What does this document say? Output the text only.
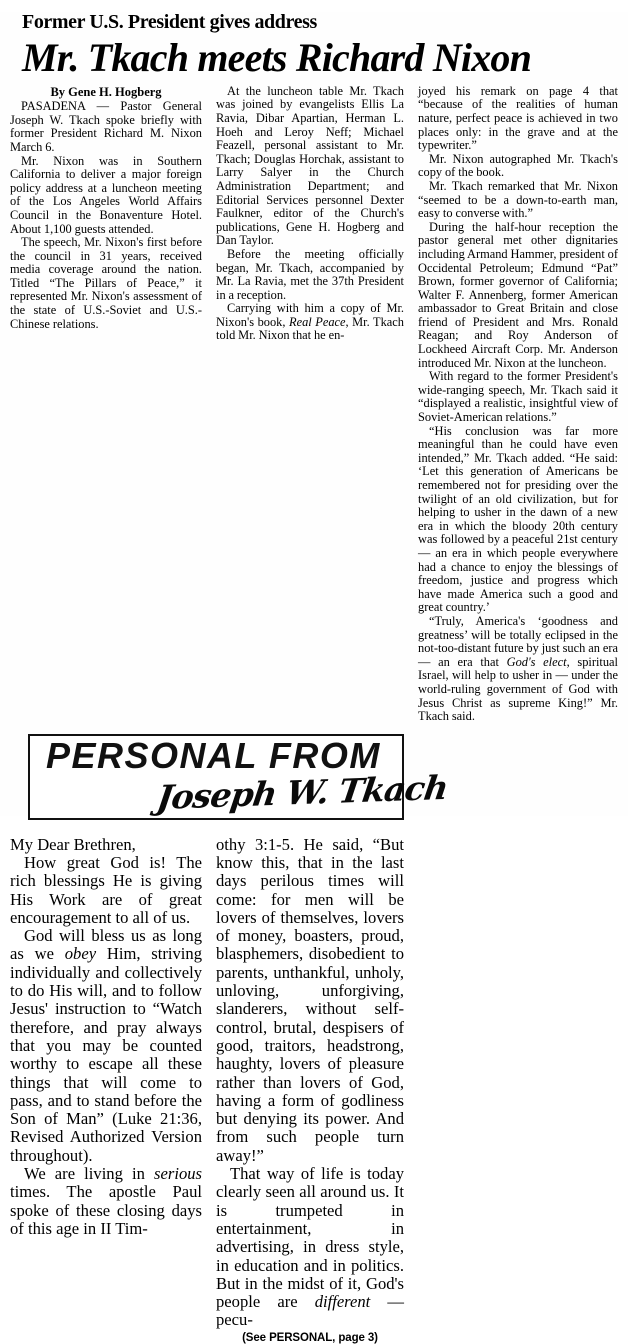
Former U.S. President gives address
Mr. Tkach meets Richard Nixon
By Gene H. Hogberg

PASADENA — Pastor General Joseph W. Tkach spoke briefly with former President Richard M. Nixon March 6.

Mr. Nixon was in Southern California to deliver a major foreign policy address at a luncheon meeting of the Los Angeles World Affairs Council in the Bonaventure Hotel. About 1,100 guests attended.

The speech, Mr. Nixon's first before the council in 31 years, received media coverage around the nation. Titled “The Pillars of Peace,” it represented Mr. Nixon's assessment of the state of U.S.-Soviet and U.S.-Chinese relations.

At the luncheon table Mr. Tkach was joined by evangelists Ellis La Ravia, Dibar Apartian, Herman L. Hoeh and Leroy Neff; Michael Feazell, personal assistant to Mr. Tkach; Douglas Horchak, assistant to Larry Salyer in the Church Administration Department; and Editorial Services personnel Dexter Faulkner, editor of the Church's publications, Gene H. Hogberg and Dan Taylor.

Before the meeting officially began, Mr. Tkach, accompanied by Mr. La Ravia, met the 37th President in a reception.

Carrying with him a copy of Mr. Nixon's book, Real Peace, Mr. Tkach told Mr. Nixon that he en-

joyed his remark on page 4 that “because of the realities of human nature, perfect peace is achieved in two places only: in the grave and at the typewriter.”

Mr. Nixon autographed Mr. Tkach's copy of the book.

Mr. Tkach remarked that Mr. Nixon “seemed to be a down-to-earth man, easy to converse with.”

During the half-hour reception the pastor general met other dignitaries including Armand Hammer, president of Occidental Petroleum; Edmund “Pat” Brown, former governor of California; Walter F. Annenberg, former American ambassador to Great Britain and close friend of President and Mrs. Ronald Reagan; and Roy Anderson of Lockheed Aircraft Corp. Mr. Anderson introduced Mr. Nixon at the luncheon.

With regard to the former President's wide-ranging speech, Mr. Tkach said it “displayed a realistic, insightful view of Soviet-American relations.”

“His conclusion was far more meaningful than he could have even intended,” Mr. Tkach added. “He said: ‘Let this generation of Americans be remembered not for presiding over the twilight of an old civilization, but for helping to usher in the dawn of a new era in which the bloody 20th century was followed by a peaceful 21st century — an era in which people everywhere had a chance to enjoy the blessings of freedom, justice and progress which have made America such a good and great country.’

“Truly, America's ‘goodness and greatness’ will be totally eclipsed in the not-too-distant future by just such an era — an era that God's elect, spiritual Israel, will help to usher in — under the world-ruling government of God with Jesus Christ as supreme King!” Mr. Tkach said.

PERSONAL FROM
Joseph W. Tkach

My Dear Brethren,

How great God is! The rich blessings He is giving His Work are of great encouragement to all of us.

God will bless us as long as we obey Him, striving individually and collectively to do His will, and to follow Jesus' instruction to “Watch therefore, and pray always that you may be counted worthy to escape all these things that will come to pass, and to stand before the Son of Man” (Luke 21:36, Revised Authorized Version throughout).

We are living in serious times. The apostle Paul spoke of these closing days of this age in II Tim-

othy 3:1-5. He said, “But know this, that in the last days perilous times will come: for men will be lovers of themselves, lovers of money, boasters, proud, blasphemers, disobedient to parents, unthankful, unholy, unloving, unforgiving, slanderers, without self-control, brutal, despisers of good, traitors, headstrong, haughty, lovers of pleasure rather than lovers of God, having a form of godliness but denying its power. And from such people turn away!”

That way of life is today clearly seen all around us. It is trumpeted in entertainment, in advertising, in dress style, in education and in politics. But in the midst of it, God's people are different — pecu-

(See PERSONAL, page 3)
